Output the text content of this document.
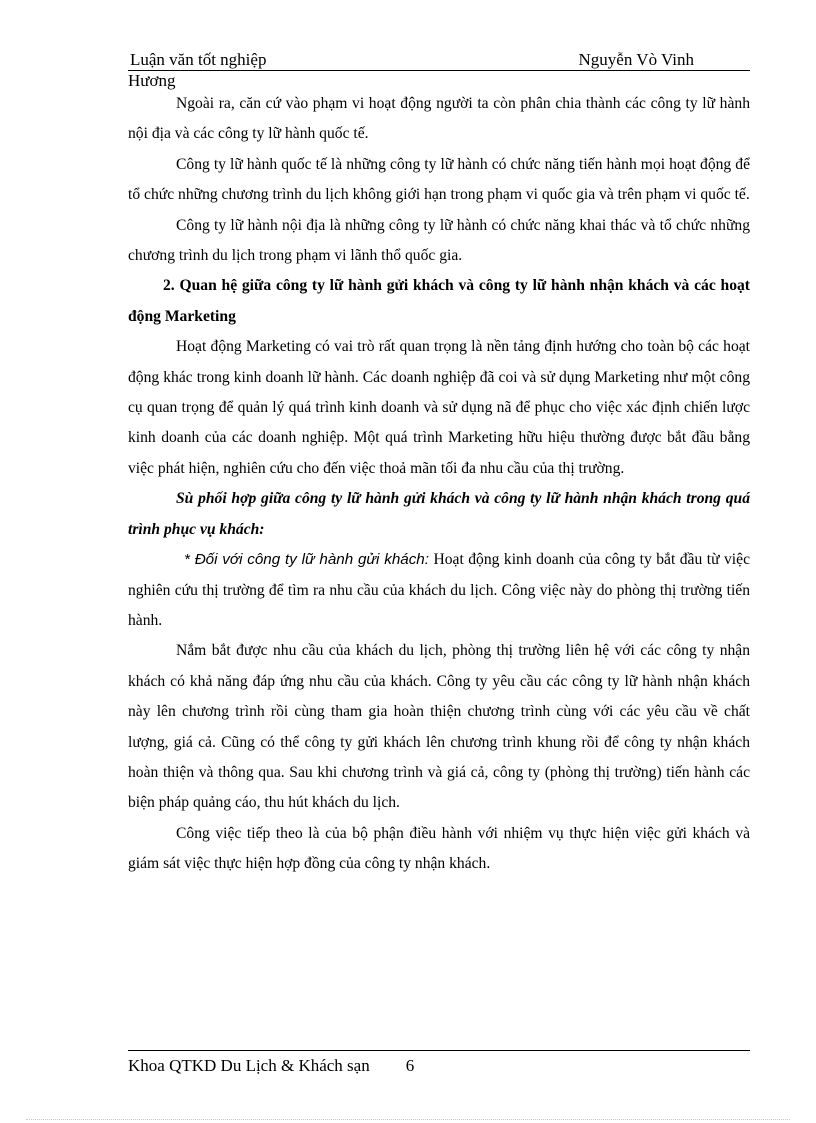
Luận văn tốt nghiệp	Nguyễn Vò Vinh
Hương

Ngoài ra, căn cứ vào phạm vi hoạt động người ta còn phân chia thành các công ty lữ hành nội địa và các công ty lữ hành quốc tế.

Công ty lữ hành quốc tế là những công ty lữ hành có chức năng tiến hành mọi hoạt động để tổ chức những chương trình du lịch không giới hạn trong phạm vi quốc gia và trên phạm vi quốc tế.

Công ty lữ hành nội địa là những công ty lữ hành có chức năng khai thác và tổ chức những chương trình du lịch trong phạm vi lãnh thổ quốc gia.

2. Quan hệ giữa công ty lữ hành gửi khách và công ty lữ hành nhận khách và các hoạt động Marketing

Hoạt động Marketing có vai trò rất quan trọng là nền tảng định hướng cho toàn bộ các hoạt động khác trong kinh doanh lữ hành. Các doanh nghiệp đã coi và sử dụng Marketing như một công cụ quan trọng để quản lý quá trình kinh doanh và sử dụng nã để phục cho việc xác định chiến lược kinh doanh của các doanh nghiệp. Một quá trình Marketing hữu hiệu thường được bắt đầu bằng việc phát hiện, nghiên cứu cho đến việc thoả mãn tối đa nhu cầu của thị trường.

Sù phối hợp giữa công ty lữ hành gửi khách và công ty lữ hành nhận khách trong quá trình phục vụ khách:

* Đối với công ty lữ hành gửi khách: Hoạt động kinh doanh của công ty bắt đầu từ việc nghiên cứu thị trường để tìm ra nhu cầu của khách du lịch. Công việc này do phòng thị trường tiến hành.

Nắm bắt được nhu cầu của khách du lịch, phòng thị trường liên hệ với các công ty nhận khách có khả năng đáp ứng nhu cầu của khách. Công ty yêu cầu các công ty lữ hành nhận khách này lên chương trình rồi cùng tham gia hoàn thiện chương trình cùng với các yêu cầu về chất lượng, giá cả. Cũng có thể công ty gửi khách lên chương trình khung rồi để công ty nhận khách hoàn thiện và thông qua. Sau khi chương trình và giá cả, công ty (phòng thị trường) tiến hành các biện pháp quảng cáo, thu hút khách du lịch.

Công việc tiếp theo là của bộ phận điều hành với nhiệm vụ thực hiện việc gửi khách và giám sát việc thực hiện hợp đồng của công ty nhận khách.

Khoa QTKD Du Lịch & Khách sạn 6
